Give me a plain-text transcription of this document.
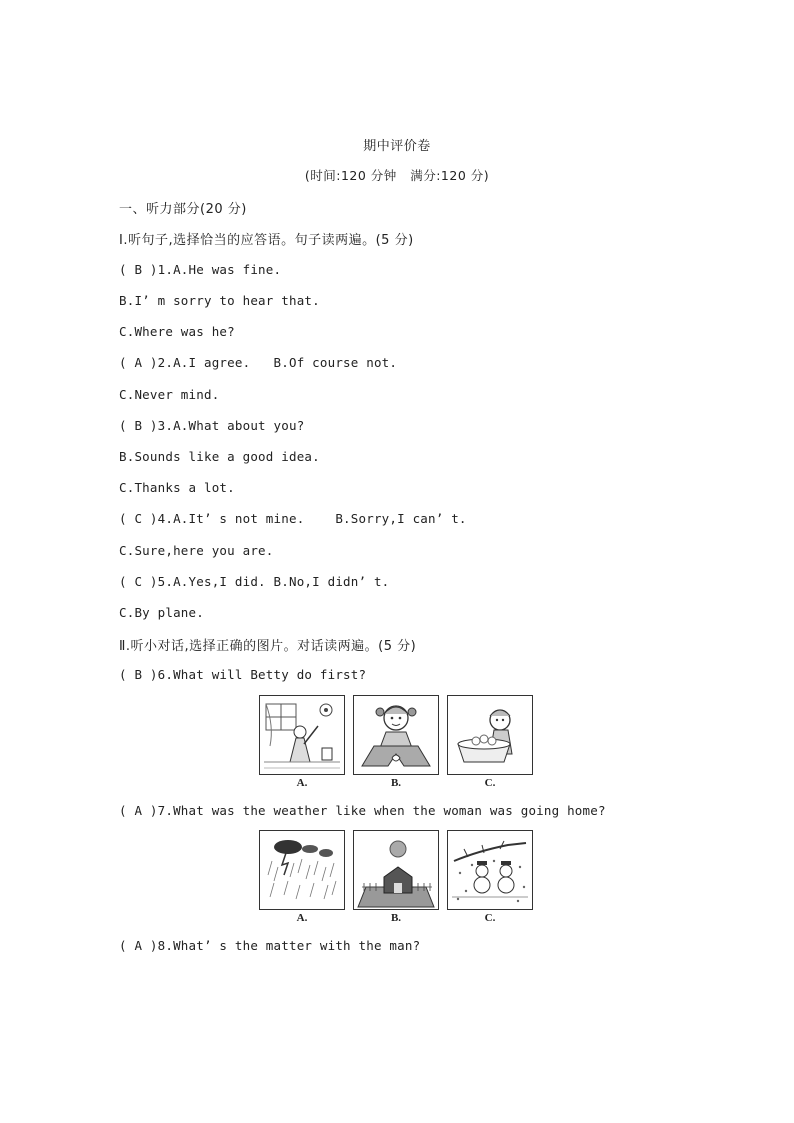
期中评价卷
(时间:120 分钟   满分:120 分)
一、听力部分(20 分)
Ⅰ.听句子,选择恰当的应答语。句子读两遍。(5 分)
( B )1.A.He was fine.
B.I’ m sorry to hear that.
C.Where was he?
( A )2.A.I agree.   B.Of course not.
C.Never mind.
( B )3.A.What about you?
B.Sounds like a good idea.
C.Thanks a lot.
( C )4.A.It’ s not mine.    B.Sorry,I can’ t.
C.Sure,here you are.
( C )5.A.Yes,I did. B.No,I didn’ t.
C.By plane.
Ⅱ.听小对话,选择正确的图片。对话读两遍。(5 分)
( B )6.What will Betty do first?
A.	B.	C.
( A )7.What was the weather like when the woman was going home?
A.	B.	C.
( A )8.What’ s the matter with the man?
